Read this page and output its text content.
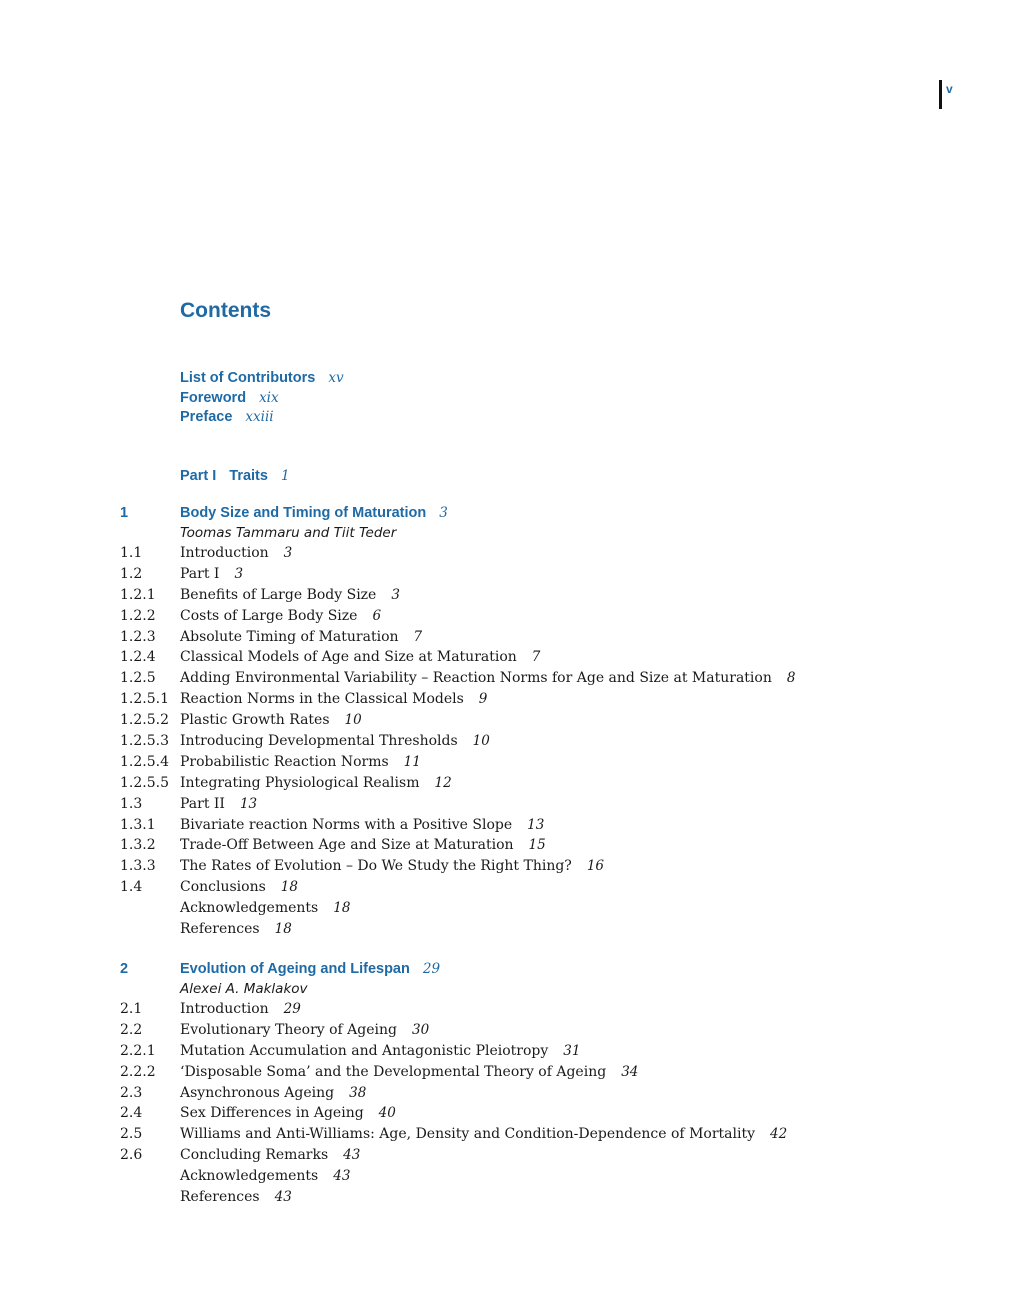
v
Contents
List of Contributors xv
Foreword xix
Preface xxiii
Part I Traits 1
1	Body Size and Timing of Maturation 3
Toomas Tammaru and Tiit Teder
1.1	Introduction 3
1.2	Part I 3
1.2.1 Benefits of Large Body Size 3
1.2.2 Costs of Large Body Size 6
1.2.3 Absolute Timing of Maturation 7
1.2.4 Classical Models of Age and Size at Maturation 7
1.2.5 Adding Environmental Variability – Reaction Norms for Age and Size at Maturation 8
1.2.5.1 Reaction Norms in the Classical Models 9
1.2.5.2 Plastic Growth Rates 10
1.2.5.3 Introducing Developmental Thresholds 10
1.2.5.4 Probabilistic Reaction Norms 11
1.2.5.5 Integrating Physiological Realism 12
1.3	Part II 13
1.3.1 Bivariate reaction Norms with a Positive Slope 13
1.3.2 Trade-Off Between Age and Size at Maturation 15
1.3.3 The Rates of Evolution – Do We Study the Right Thing? 16
1.4	Conclusions 18
Acknowledgements 18
References 18
2	Evolution of Ageing and Lifespan 29
Alexei A. Maklakov
2.1	Introduction 29
2.2	Evolutionary Theory of Ageing 30
2.2.1 Mutation Accumulation and Antagonistic Pleiotropy 31
2.2.2 ‘Disposable Soma’ and the Developmental Theory of Ageing 34
2.3	Asynchronous Ageing 38
2.4	Sex Differences in Ageing 40
2.5	Williams and Anti-Williams: Age, Density and Condition-Dependence of Mortality 42
2.6	Concluding Remarks 43
Acknowledgements 43
References 43
